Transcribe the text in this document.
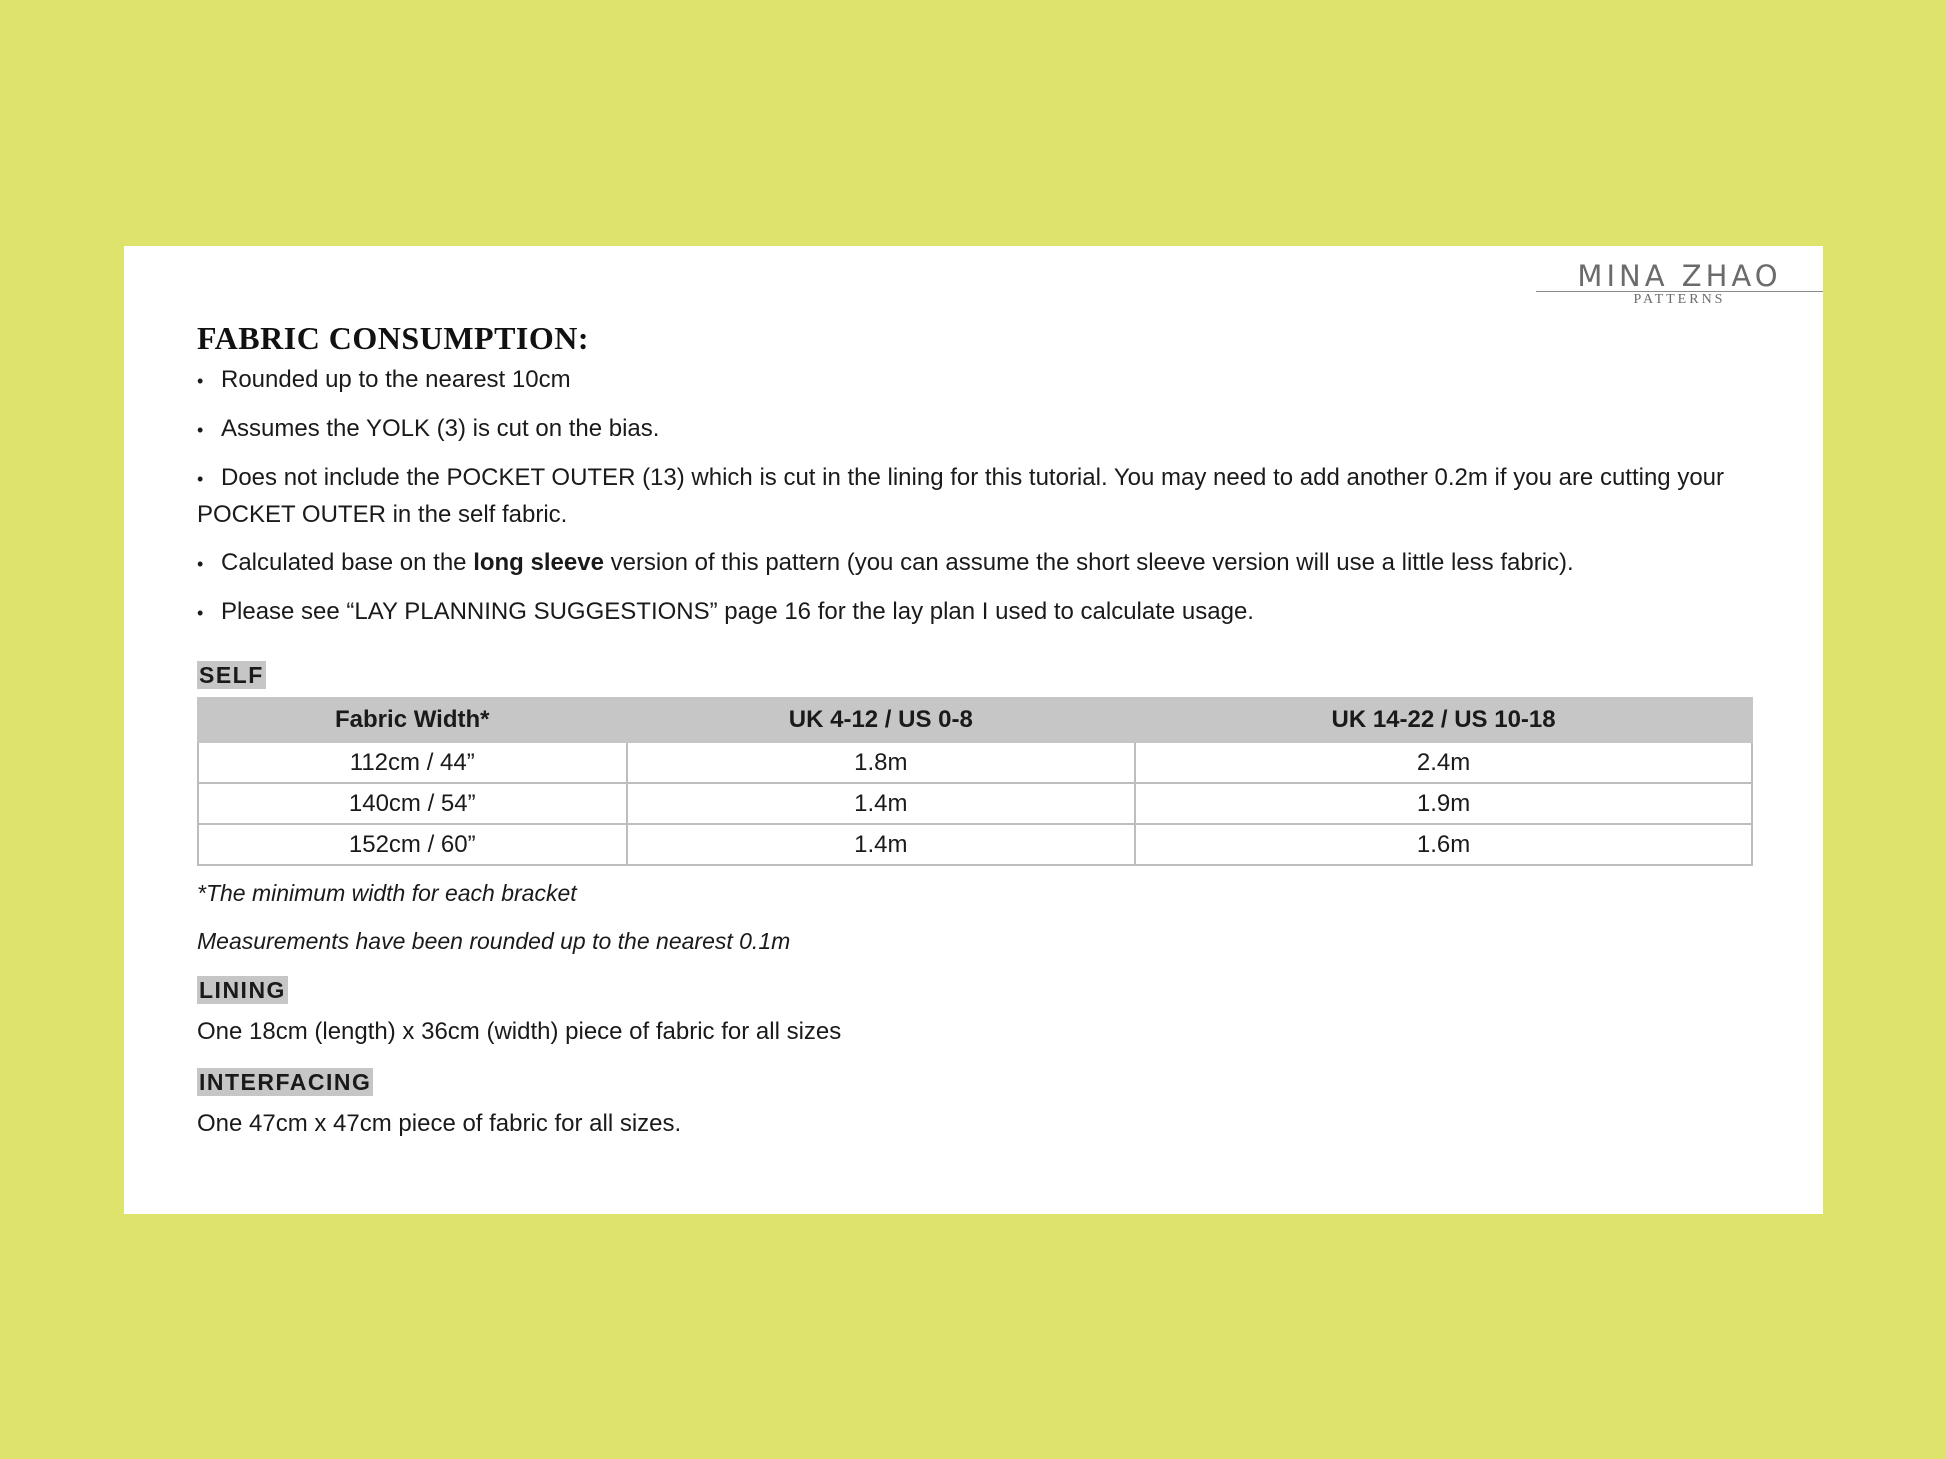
MINA ZHAO
PATTERNS
FABRIC CONSUMPTION:
• Rounded up to the nearest 10cm
• Assumes the YOLK (3) is cut on the bias.
• Does not include the POCKET OUTER (13) which is cut in the lining for this tutorial. You may need to add another 0.2m if you are cutting your POCKET OUTER in the self fabric.
• Calculated base on the long sleeve version of this pattern (you can assume the short sleeve version will use a little less fabric).
• Please see “LAY PLANNING SUGGESTIONS” page 16 for the lay plan I used to calculate usage.
SELF
Fabric Width*	UK 4-12 / US 0-8	UK 14-22 / US 10-18
112cm / 44”	1.8m	2.4m
140cm / 54”	1.4m	1.9m
152cm / 60”	1.4m	1.6m
*The minimum width for each bracket
Measurements have been rounded up to the nearest 0.1m
LINING
One 18cm (length) x 36cm (width) piece of fabric for all sizes
INTERFACING
One 47cm x 47cm piece of fabric for all sizes.
